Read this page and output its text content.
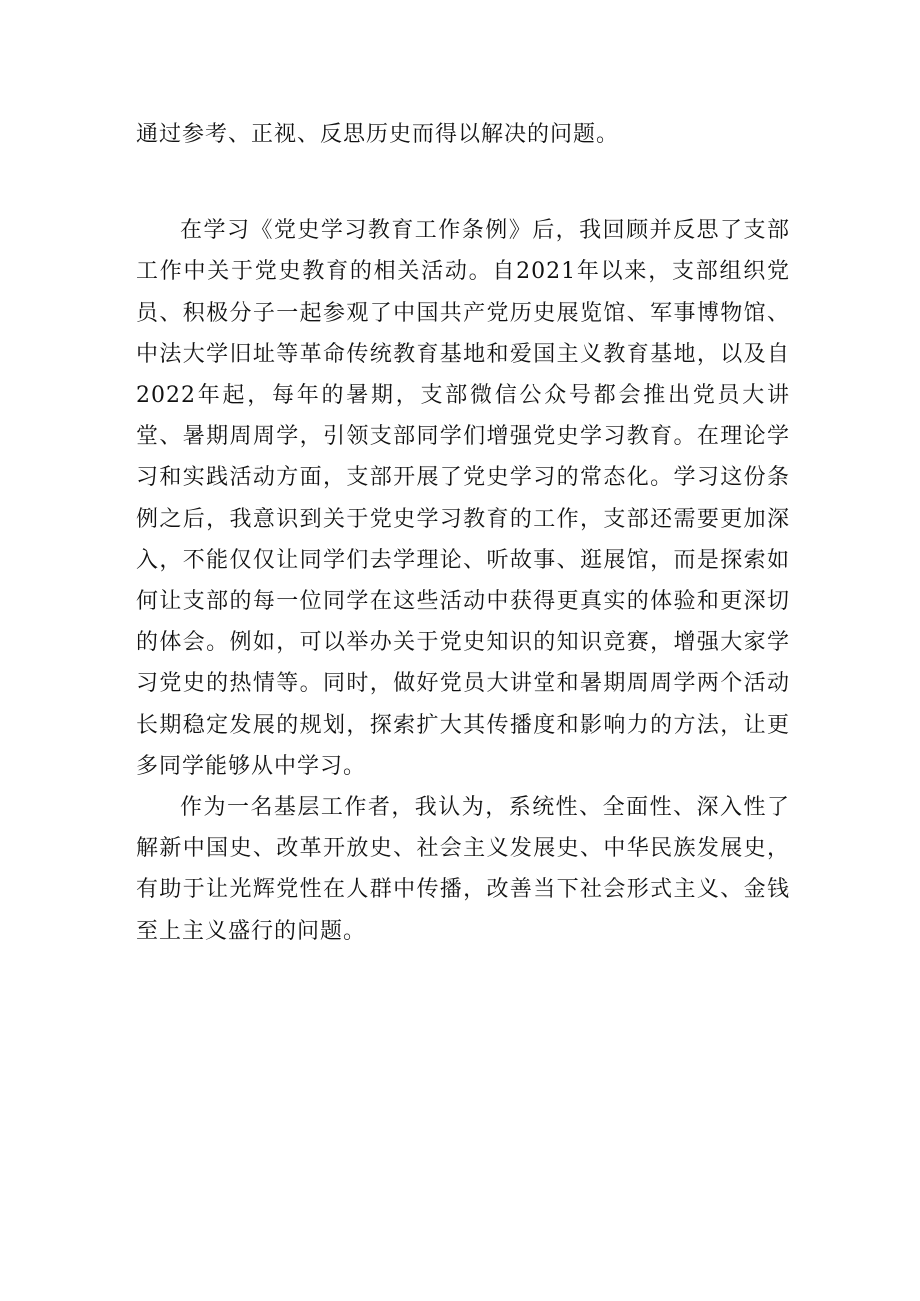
通过参考、正视、反思历史而得以解决的问题。

在学习《党史学习教育工作条例》后，我回顾并反思了支部工作中关于党史教育的相关活动。自2021年以来，支部组织党员、积极分子一起参观了中国共产党历史展览馆、军事博物馆、中法大学旧址等革命传统教育基地和爱国主义教育基地，以及自2022年起，每年的暑期，支部微信公众号都会推出党员大讲堂、暑期周周学，引领支部同学们增强党史学习教育。在理论学习和实践活动方面，支部开展了党史学习的常态化。学习这份条例之后，我意识到关于党史学习教育的工作，支部还需要更加深入，不能仅仅让同学们去学理论、听故事、逛展馆，而是探索如何让支部的每一位同学在这些活动中获得更真实的体验和更深切的体会。例如，可以举办关于党史知识的知识竞赛，增强大家学习党史的热情等。同时，做好党员大讲堂和暑期周周学两个活动长期稳定发展的规划，探索扩大其传播度和影响力的方法，让更多同学能够从中学习。

作为一名基层工作者，我认为，系统性、全面性、深入性了解新中国史、改革开放史、社会主义发展史、中华民族发展史，有助于让光辉党性在人群中传播，改善当下社会形式主义、金钱至上主义盛行的问题。
